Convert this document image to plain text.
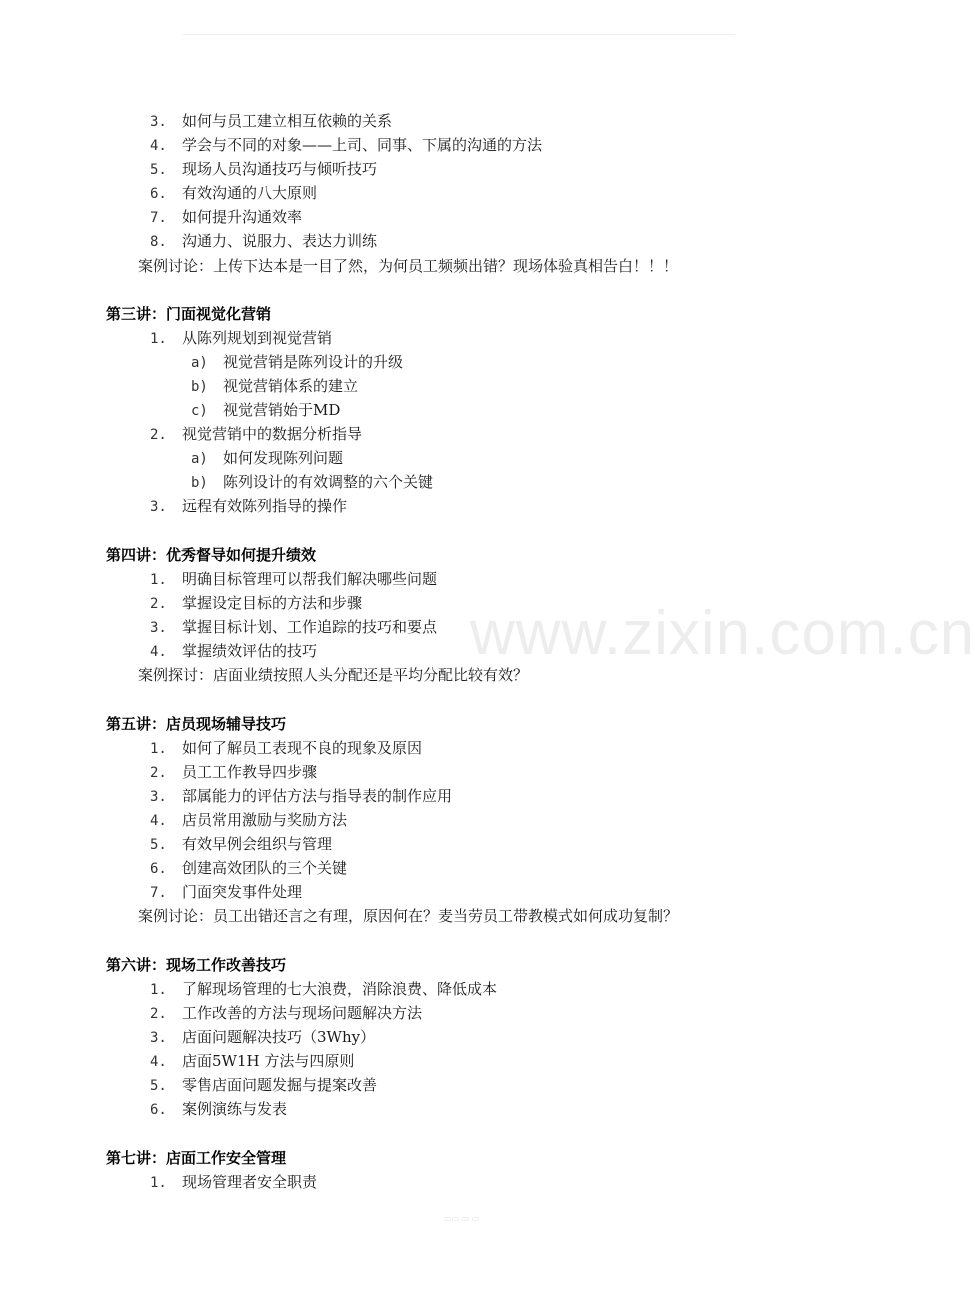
www.zixin.com.cn
3. 如何与员工建立相互依赖的关系
4. 学会与不同的对象——上司、同事、下属的沟通的方法
5. 现场人员沟通技巧与倾听技巧
6. 有效沟通的八大原则
7. 如何提升沟通效率
8. 沟通力、说服力、表达力训练
案例讨论：上传下达本是一目了然，为何员工频频出错？现场体验真相告白！！！
第三讲：门面视觉化营销
1. 从陈列规划到视觉营销
a) 视觉营销是陈列设计的升级
b) 视觉营销体系的建立
c) 视觉营销始于MD
2. 视觉营销中的数据分析指导
a) 如何发现陈列问题
b) 陈列设计的有效调整的六个关键
3. 远程有效陈列指导的操作
第四讲：优秀督导如何提升绩效
1. 明确目标管理可以帮我们解决哪些问题
2. 掌握设定目标的方法和步骤
3. 掌握目标计划、工作追踪的技巧和要点
4. 掌握绩效评估的技巧
案例探讨：店面业绩按照人头分配还是平均分配比较有效？
第五讲：店员现场辅导技巧
1. 如何了解员工表现不良的现象及原因
2. 员工工作教导四步骤
3. 部属能力的评估方法与指导表的制作应用
4. 店员常用激励与奖励方法
5. 有效早例会组织与管理
6. 创建高效团队的三个关键
7. 门面突发事件处理
案例讨论：员工出错还言之有理，原因何在？麦当劳员工带教模式如何成功复制？
第六讲：现场工作改善技巧
1. 了解现场管理的七大浪费，消除浪费、降低成本
2. 工作改善的方法与现场问题解决方法
3. 店面问题解决技巧（3Why）
4. 店面5W1H 方法与四原则
5. 零售店面问题发掘与提案改善
6. 案例演练与发表
第七讲：店面工作安全管理
1. 现场管理者安全职责
▭▭ ▭ ▭
